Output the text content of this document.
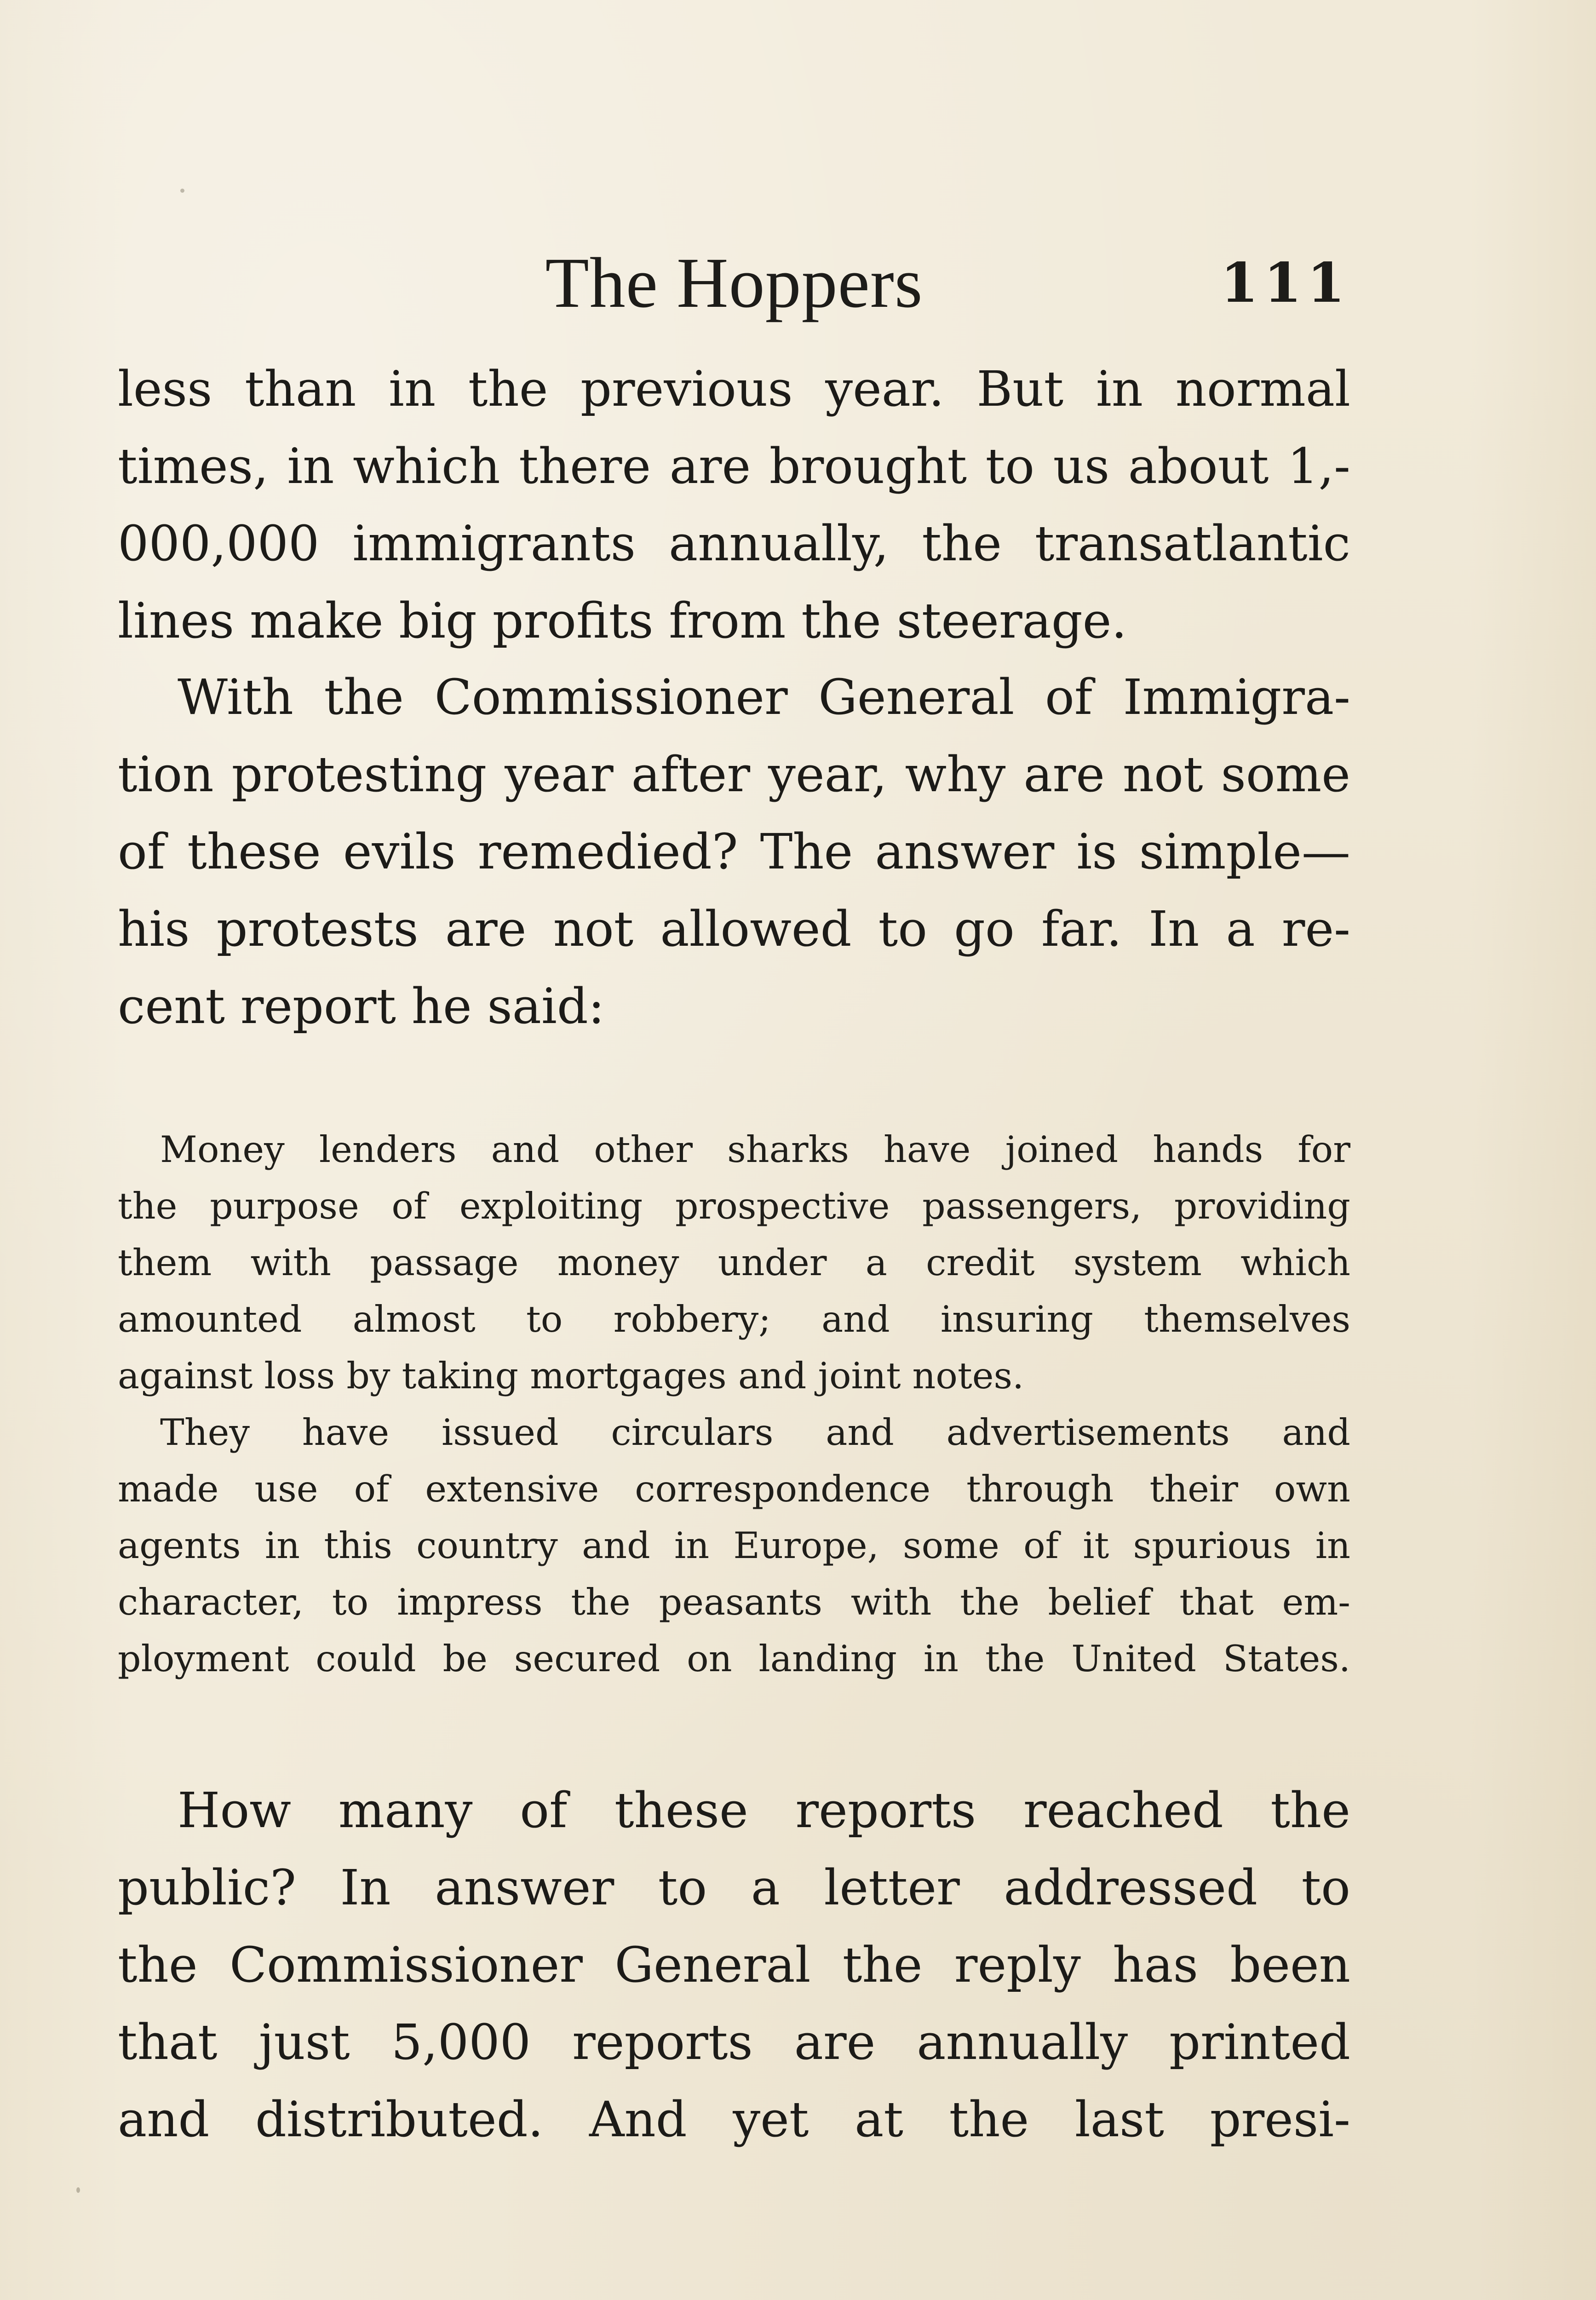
The Hoppers	111
less than in the previous year. But in normal
times, in which there are brought to us about 1,-
000,000 immigrants annually, the transatlantic
lines make big profits from the steerage.
With the Commissioner General of Immigra-
tion protesting year after year, why are not some
of these evils remedied? The answer is simple—
his protests are not allowed to go far. In a re-
cent report he said:
Money lenders and other sharks have joined hands for
the purpose of exploiting prospective passengers, providing
them with passage money under a credit system which
amounted almost to robbery; and insuring themselves
against loss by taking mortgages and joint notes.
They have issued circulars and advertisements and
made use of extensive correspondence through their own
agents in this country and in Europe, some of it spurious in
character, to impress the peasants with the belief that em-
ployment could be secured on landing in the United States.
How many of these reports reached the
public? In answer to a letter addressed to
the Commissioner General the reply has been
that just 5,000 reports are annually printed
and distributed. And yet at the last presi-
